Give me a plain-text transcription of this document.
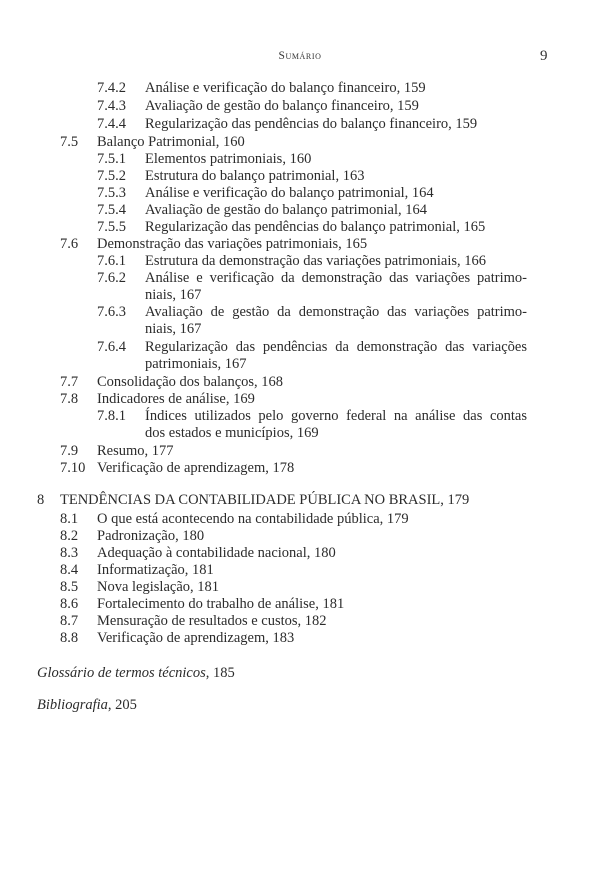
Sumário	9
7.4.2 Análise e verificação do balanço financeiro, 159
7.4.3 Avaliação de gestão do balanço financeiro, 159
7.4.4 Regularização das pendências do balanço financeiro, 159
7.5 Balanço Patrimonial, 160
7.5.1 Elementos patrimoniais, 160
7.5.2 Estrutura do balanço patrimonial, 163
7.5.3 Análise e verificação do balanço patrimonial, 164
7.5.4 Avaliação de gestão do balanço patrimonial, 164
7.5.5 Regularização das pendências do balanço patrimonial, 165
7.6 Demonstração das variações patrimoniais, 165
7.6.1 Estrutura da demonstração das variações patrimoniais, 166
7.6.2 Análise e verificação da demonstração das variações patrimo-
niais, 167
7.6.3 Avaliação de gestão da demonstração das variações patrimo-
niais, 167
7.6.4 Regularização das pendências da demonstração das variações
patrimoniais, 167
7.7 Consolidação dos balanços, 168
7.8 Indicadores de análise, 169
7.8.1 Índices utilizados pelo governo federal na análise das contas
dos estados e municípios, 169
7.9 Resumo, 177
7.10 Verificação de aprendizagem, 178
8 TENDÊNCIAS DA CONTABILIDADE PÚBLICA NO BRASIL, 179
8.1 O que está acontecendo na contabilidade pública, 179
8.2 Padronização, 180
8.3 Adequação à contabilidade nacional, 180
8.4 Informatização, 181
8.5 Nova legislação, 181
8.6 Fortalecimento do trabalho de análise, 181
8.7 Mensuração de resultados e custos, 182
8.8 Verificação de aprendizagem, 183
Glossário de termos técnicos, 185
Bibliografia, 205
